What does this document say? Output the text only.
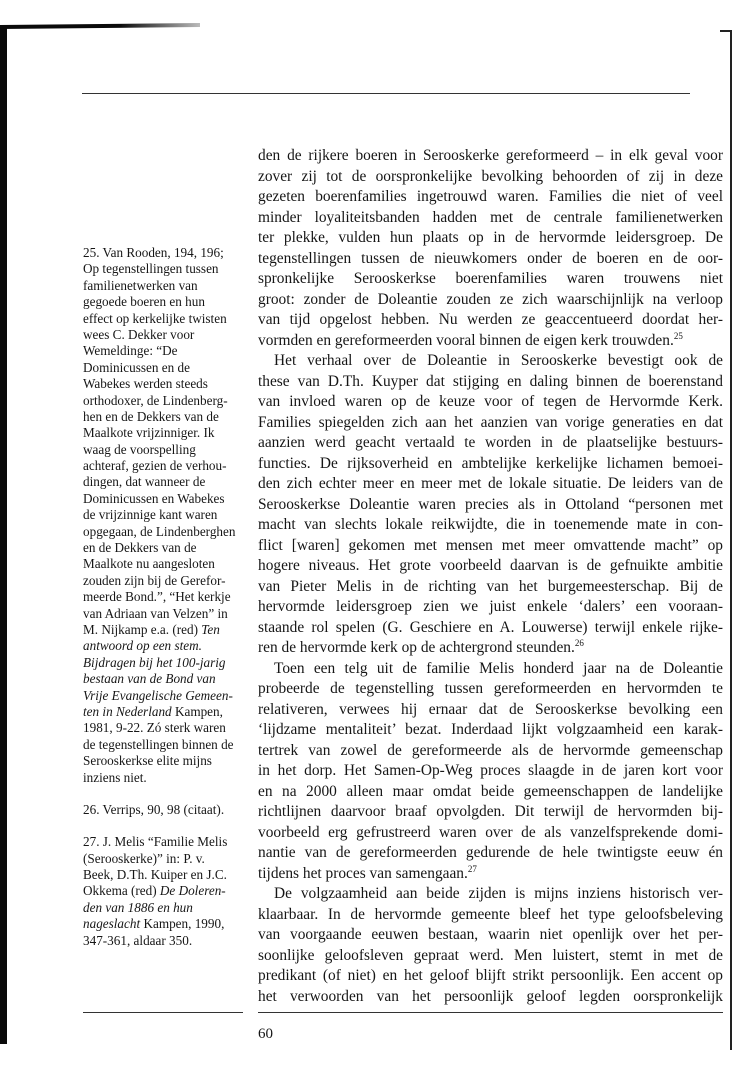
25. Van Rooden, 194, 196;
Op tegenstellingen tussen
familienetwerken van
gegoede boeren en hun
effect op kerkelijke twisten
wees C. Dekker voor
Wemeldinge: “De
Dominicussen en de
Wabekes werden steeds
orthodoxer, de Lindenberg-
hen en de Dekkers van de
Maalkote vrijzinniger. Ik
waag de voorspelling
achteraf, gezien de verhou-
dingen, dat wanneer de
Dominicussen en Wabekes
de vrijzinnige kant waren
opgegaan, de Lindenberghen
en de Dekkers van de
Maalkote nu aangesloten
zouden zijn bij de Gerefor-
meerde Bond.”, “Het kerkje
van Adriaan van Velzen” in
M. Nijkamp e.a. (red) Ten
antwoord op een stem.
Bijdragen bij het 100-jarig
bestaan van de Bond van
Vrije Evangelische Gemeen-
ten in Nederland Kampen,
1981, 9-22. Zó sterk waren
de tegenstellingen binnen de
Serooskerkse elite mijns
inziens niet.
26. Verrips, 90, 98 (citaat).
27. J. Melis “Familie Melis
(Serooskerke)” in: P. v.
Beek, D.Th. Kuiper en J.C.
Okkema (red) De Doleren-
den van 1886 en hun
nageslacht Kampen, 1990,
347-361, aldaar 350.
den de rijkere boeren in Serooskerke gereformeerd – in elk geval voor
zover zij tot de oorspronkelijke bevolking behoorden of zij in deze
gezeten boerenfamilies ingetrouwd waren. Families die niet of veel
minder loyaliteitsbanden hadden met de centrale familienetwerken
ter plekke, vulden hun plaats op in de hervormde leidersgroep. De
tegenstellingen tussen de nieuwkomers onder de boeren en de oor-
spronkelijke Serooskerkse boerenfamilies waren trouwens niet
groot: zonder de Doleantie zouden ze zich waarschijnlijk na verloop
van tijd opgelost hebben. Nu werden ze geaccentueerd doordat her-
vormden en gereformeerden vooral binnen de eigen kerk trouwden.$^{25}$
Het verhaal over de Doleantie in Serooskerke bevestigt ook de
these van D.Th. Kuyper dat stijging en daling binnen de boerenstand
van invloed waren op de keuze voor of tegen de Hervormde Kerk.
Families spiegelden zich aan het aanzien van vorige generaties en dat
aanzien werd geacht vertaald te worden in de plaatselijke bestuurs-
functies. De rijksoverheid en ambtelijke kerkelijke lichamen bemoei-
den zich echter meer en meer met de lokale situatie. De leiders van de
Serooskerkse Doleantie waren precies als in Ottoland “personen met
macht van slechts lokale reikwijdte, die in toenemende mate in con-
flict [waren] gekomen met mensen met meer omvattende macht” op
hogere niveaus. Het grote voorbeeld daarvan is de gefnuikte ambitie
van Pieter Melis in de richting van het burgemeesterschap. Bij de
hervormde leidersgroep zien we juist enkele ‘dalers’ een vooraan-
staande rol spelen (G. Geschiere en A. Louwerse) terwijl enkele rijke-
ren de hervormde kerk op de achtergrond steunden.$^{26}$
Toen een telg uit de familie Melis honderd jaar na de Doleantie
probeerde de tegenstelling tussen gereformeerden en hervormden te
relativeren, verwees hij ernaar dat de Serooskerkse bevolking een
‘lijdzame mentaliteit’ bezat. Inderdaad lijkt volgzaamheid een karak-
tertrek van zowel de gereformeerde als de hervormde gemeenschap
in het dorp. Het Samen-Op-Weg proces slaagde in de jaren kort voor
en na 2000 alleen maar omdat beide gemeenschappen de landelijke
richtlijnen daarvoor braaf opvolgden. Dit terwijl de hervormden bij-
voorbeeld erg gefrustreerd waren over de als vanzelfsprekende domi-
nantie van de gereformeerden gedurende de hele twintigste eeuw én
tijdens het proces van samengaan.$^{27}$
De volgzaamheid aan beide zijden is mijns inziens historisch ver-
klaarbaar. In de hervormde gemeente bleef het type geloofsbeleving
van voorgaande eeuwen bestaan, waarin niet openlijk over het per-
soonlijke geloofsleven gepraat werd. Men luistert, stemt in met de
predikant (of niet) en het geloof blijft strikt persoonlijk. Een accent op
het verwoorden van het persoonlijk geloof legden oorspronkelijk
60
